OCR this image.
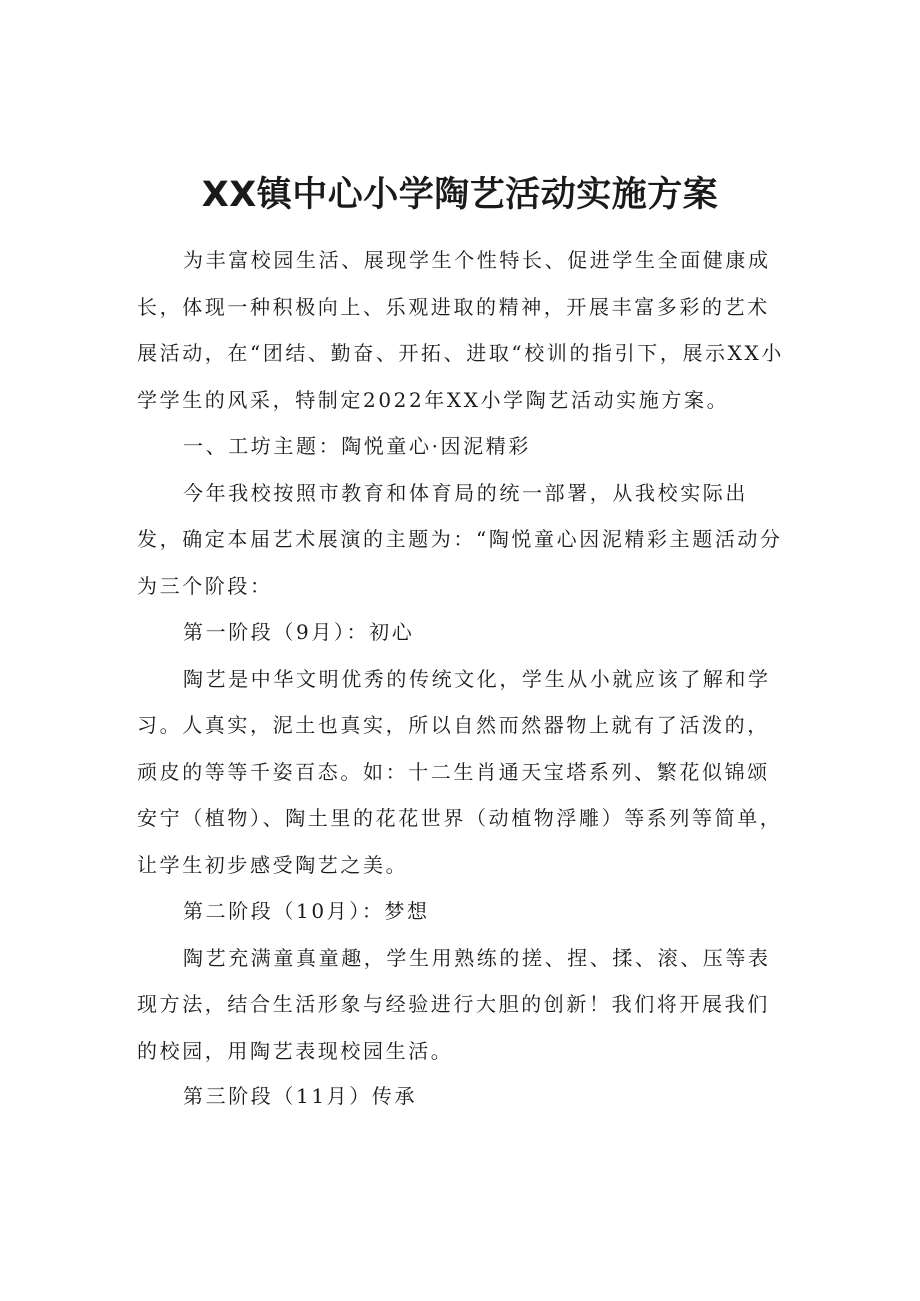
XX镇中心小学陶艺活动实施方案

为丰富校园生活、展现学生个性特长、促进学生全面健康成长，体现一种积极向上、乐观进取的精神，开展丰富多彩的艺术展活动，在“团结、勤奋、开拓、进取“校训的指引下，展示XX小学学生的风采，特制定2022年XX小学陶艺活动实施方案。

一、工坊主题：陶悦童心·因泥精彩

今年我校按照市教育和体育局的统一部署，从我校实际出发，确定本届艺术展演的主题为：“陶悦童心因泥精彩主题活动分为三个阶段：

第一阶段（9月）：初心

陶艺是中华文明优秀的传统文化，学生从小就应该了解和学习。人真实，泥土也真实，所以自然而然器物上就有了活泼的，顽皮的等等千姿百态。如：十二生肖通天宝塔系列、繁花似锦颂安宁（植物）、陶土里的花花世界（动植物浮雕）等系列等简单，让学生初步感受陶艺之美。

第二阶段（10月）：梦想

陶艺充满童真童趣，学生用熟练的搓、捏、揉、滚、压等表现方法，结合生活形象与经验进行大胆的创新！我们将开展我们的校园，用陶艺表现校园生活。

第三阶段（11月）传承
